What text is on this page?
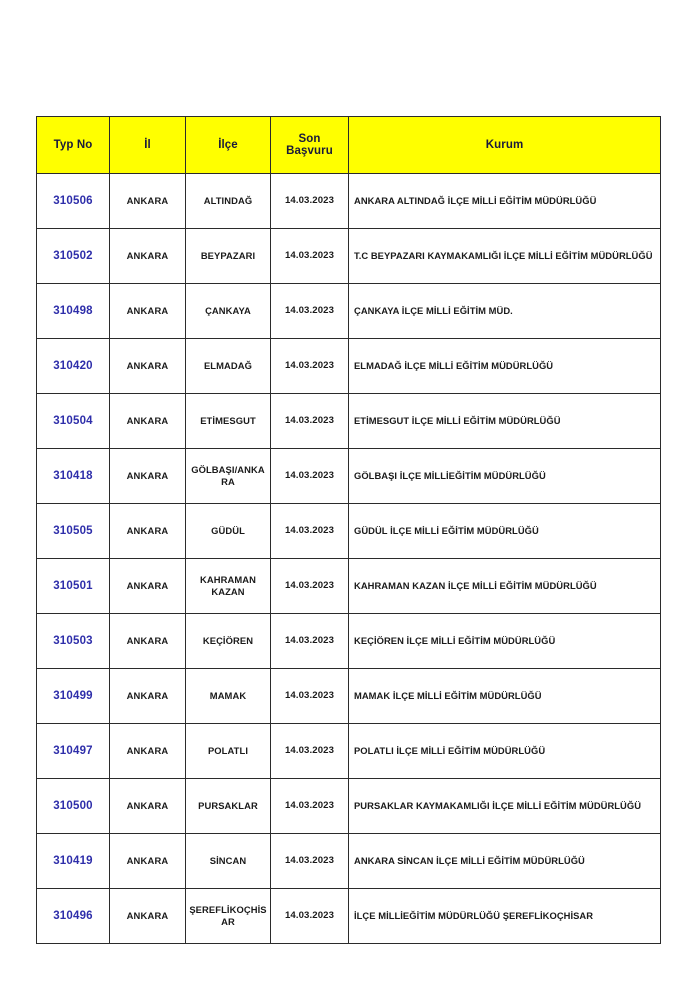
Typ No	İl	İlçe	Son Başvuru	Kurum
310506	ANKARA	ALTINDAĞ	14.03.2023	ANKARA ALTINDAĞ İLÇE MİLLİ EĞİTİM MÜDÜRLÜĞÜ
310502	ANKARA	BEYPAZARI	14.03.2023	T.C BEYPAZARI KAYMAKAMLIĞI İLÇE MİLLİ EĞİTİM MÜDÜRLÜĞÜ
310498	ANKARA	ÇANKAYA	14.03.2023	ÇANKAYA İLÇE MİLLİ EĞİTİM MÜD.
310420	ANKARA	ELMADAĞ	14.03.2023	ELMADAĞ İLÇE MİLLİ EĞİTİM MÜDÜRLÜĞÜ
310504	ANKARA	ETİMESGUT	14.03.2023	ETİMESGUT İLÇE MİLLİ EĞİTİM MÜDÜRLÜĞÜ
310418	ANKARA	GÖLBAŞI/ANKARA	14.03.2023	GÖLBAŞI İLÇE MİLLİEĞİTİM MÜDÜRLÜĞÜ
310505	ANKARA	GÜDÜL	14.03.2023	GÜDÜL İLÇE MİLLİ EĞİTİM MÜDÜRLÜĞÜ
310501	ANKARA	KAHRAMAN KAZAN	14.03.2023	KAHRAMAN KAZAN İLÇE MİLLİ EĞİTİM MÜDÜRLÜĞÜ
310503	ANKARA	KEÇİÖREN	14.03.2023	KEÇİÖREN İLÇE MİLLİ EĞİTİM MÜDÜRLÜĞÜ
310499	ANKARA	MAMAK	14.03.2023	MAMAK İLÇE MİLLİ EĞİTİM MÜDÜRLÜĞÜ
310497	ANKARA	POLATLI	14.03.2023	POLATLI İLÇE MİLLİ EĞİTİM MÜDÜRLÜĞÜ
310500	ANKARA	PURSAKLAR	14.03.2023	PURSAKLAR KAYMAKAMLIĞI İLÇE MİLLİ EĞİTİM MÜDÜRLÜĞÜ
310419	ANKARA	SİNCAN	14.03.2023	ANKARA SİNCAN İLÇE MİLLİ EĞİTİM MÜDÜRLÜĞÜ
310496	ANKARA	ŞEREFLİKOÇHİSAR	14.03.2023	İLÇE MİLLİEĞİTİM MÜDÜRLÜĞÜ ŞEREFLİKOÇHİSAR
